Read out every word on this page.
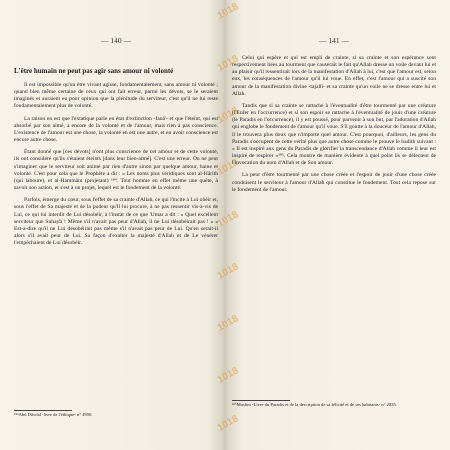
— 140 —
L'être humain ne peut pas agir sans amour ni volonté

Il est impossible qu'un être vivant agisse, fondamentalement, sans amour ni volonté ; quand bien même certaine de ceux qui ont fait erreur, parmi les dévots, se le seraient imaginés et auraient eu pour opinion que la plénitude du serviteur, c'est qu'il ne lui reste fondamentalement plus de volonté.

La raison en est que l'extatique parle en état d'extinction -fanâ'- et que l'éteint, qui est absorbé par son aimé, a encore de la volonté et de l'amour, mais rien à pas conscience. L'existence de l'amour est une chose, la volonté en est une autre, et en avoir conscience est encore autre chose.

Étant donné que [ces dévots] n'ont plus conscience de cet amour et de cette volonté, ils ont considéré qu'ils s'étaient éteints [dans leur bien-aimé]. C'est une erreur. On ne peut s'imaginer que le serviteur soit animé par rien d'autre sinon par quelque amour, haine et volonté. C'est pour cela que le Prophète a dit : « Les noms plus véridiques sont al-Hârith (qui laboure), et al-Hammâm (projetant) ¹⁸⁴. Tout homme en effet même une quête, à savoir son action, et s'est à un projet, lequel est le fondement de la volonté.

Parfois, émerge du cœur, sous l'effet de sa crainte d'Allah, ce qui l'incite à Lui obéir et, sous l'effet de Sa majesté et de la pudeur qu'Il lui procure, à ne pas ressentir vis-à-vis de Lui, ce qui lui interdit de Lui désobéir, à l'instar de ce que 'Umar a dit : « Quel excellent serviteur que Suhayb ! Même s'il n'avait pas peur d'Allah, il ne Lui désobéirait pas ! » « Est-à-dire qu'il ne Lui désobéirait pas même s'il n'avait pas peur de Lui. Qu'en serait-il alors s'il avait peur de Lui. Sa façon d'exalter la majesté d'Allah et de Le vénérer l'empêchaient de Lui désobéir.

¹⁸⁴Abû Dâwûd -livre de l'éthique- n° 4950.
1018
1018
1018
1018
1018
1018
1018
1018
1018
— 141 —

Celui qui espère et qui est empli de crainte, si sa crainte et son espérance sont respectivement liées au tourment que causerait le fait qu'Allah dresse un voile devant lui et au plaisir qu'il ressentirait lors de la manifestation d'Allah à lui, c'est que l'amour est, selon eux, les conséquences de l'amour qu'il lui voue. En effet, c'est l'amour qui a suscité son amour de la manifestation divine -tajallî- et sa crainte qu'un voile ne se dresse entre lui et Allah.

Tandis que si sa crainte se rattache à l'éventualité d'être tourmenté par une créature (l'Enfer en l'occurrence) et si son espoir se rattache à l'éventualité de jouir d'une créature (le Paradis en l'occurrence), il y est poussé, pour parvenir à son but, par l'adoration d'Allah qui englobe le fondement de l'amour qu'il voue. S'il goutte à la douceur de l'amour d'Allah, il le trouvera plus doux que n'importe quel amour. C'est pourquoi, d'ailleurs, les gens du Paradis s'occupent de cette vérité plus que autre chose comme le prouve le hadith suivant : « Il est inspiré aux gens du Paradis de glorifier la transcendance d'Allah comme il leur est inspiré de respirer »¹⁸⁵. Cela montre de manière évidente à quel point ils se délectent de l'invocation du nom d'Allah et de Son amour.

La peur d'être tourmenté par une chose créée et l'espoir de jouir d'une chose créée conduisent le serviteur à l'amour d'Allah qui constitue le fondement. Tout cela repose sur le fondement de l'amour.

¹⁸⁵Muslim -Livre du Paradis et de la description de sa félicité et de ses habitants- n° 2835.
